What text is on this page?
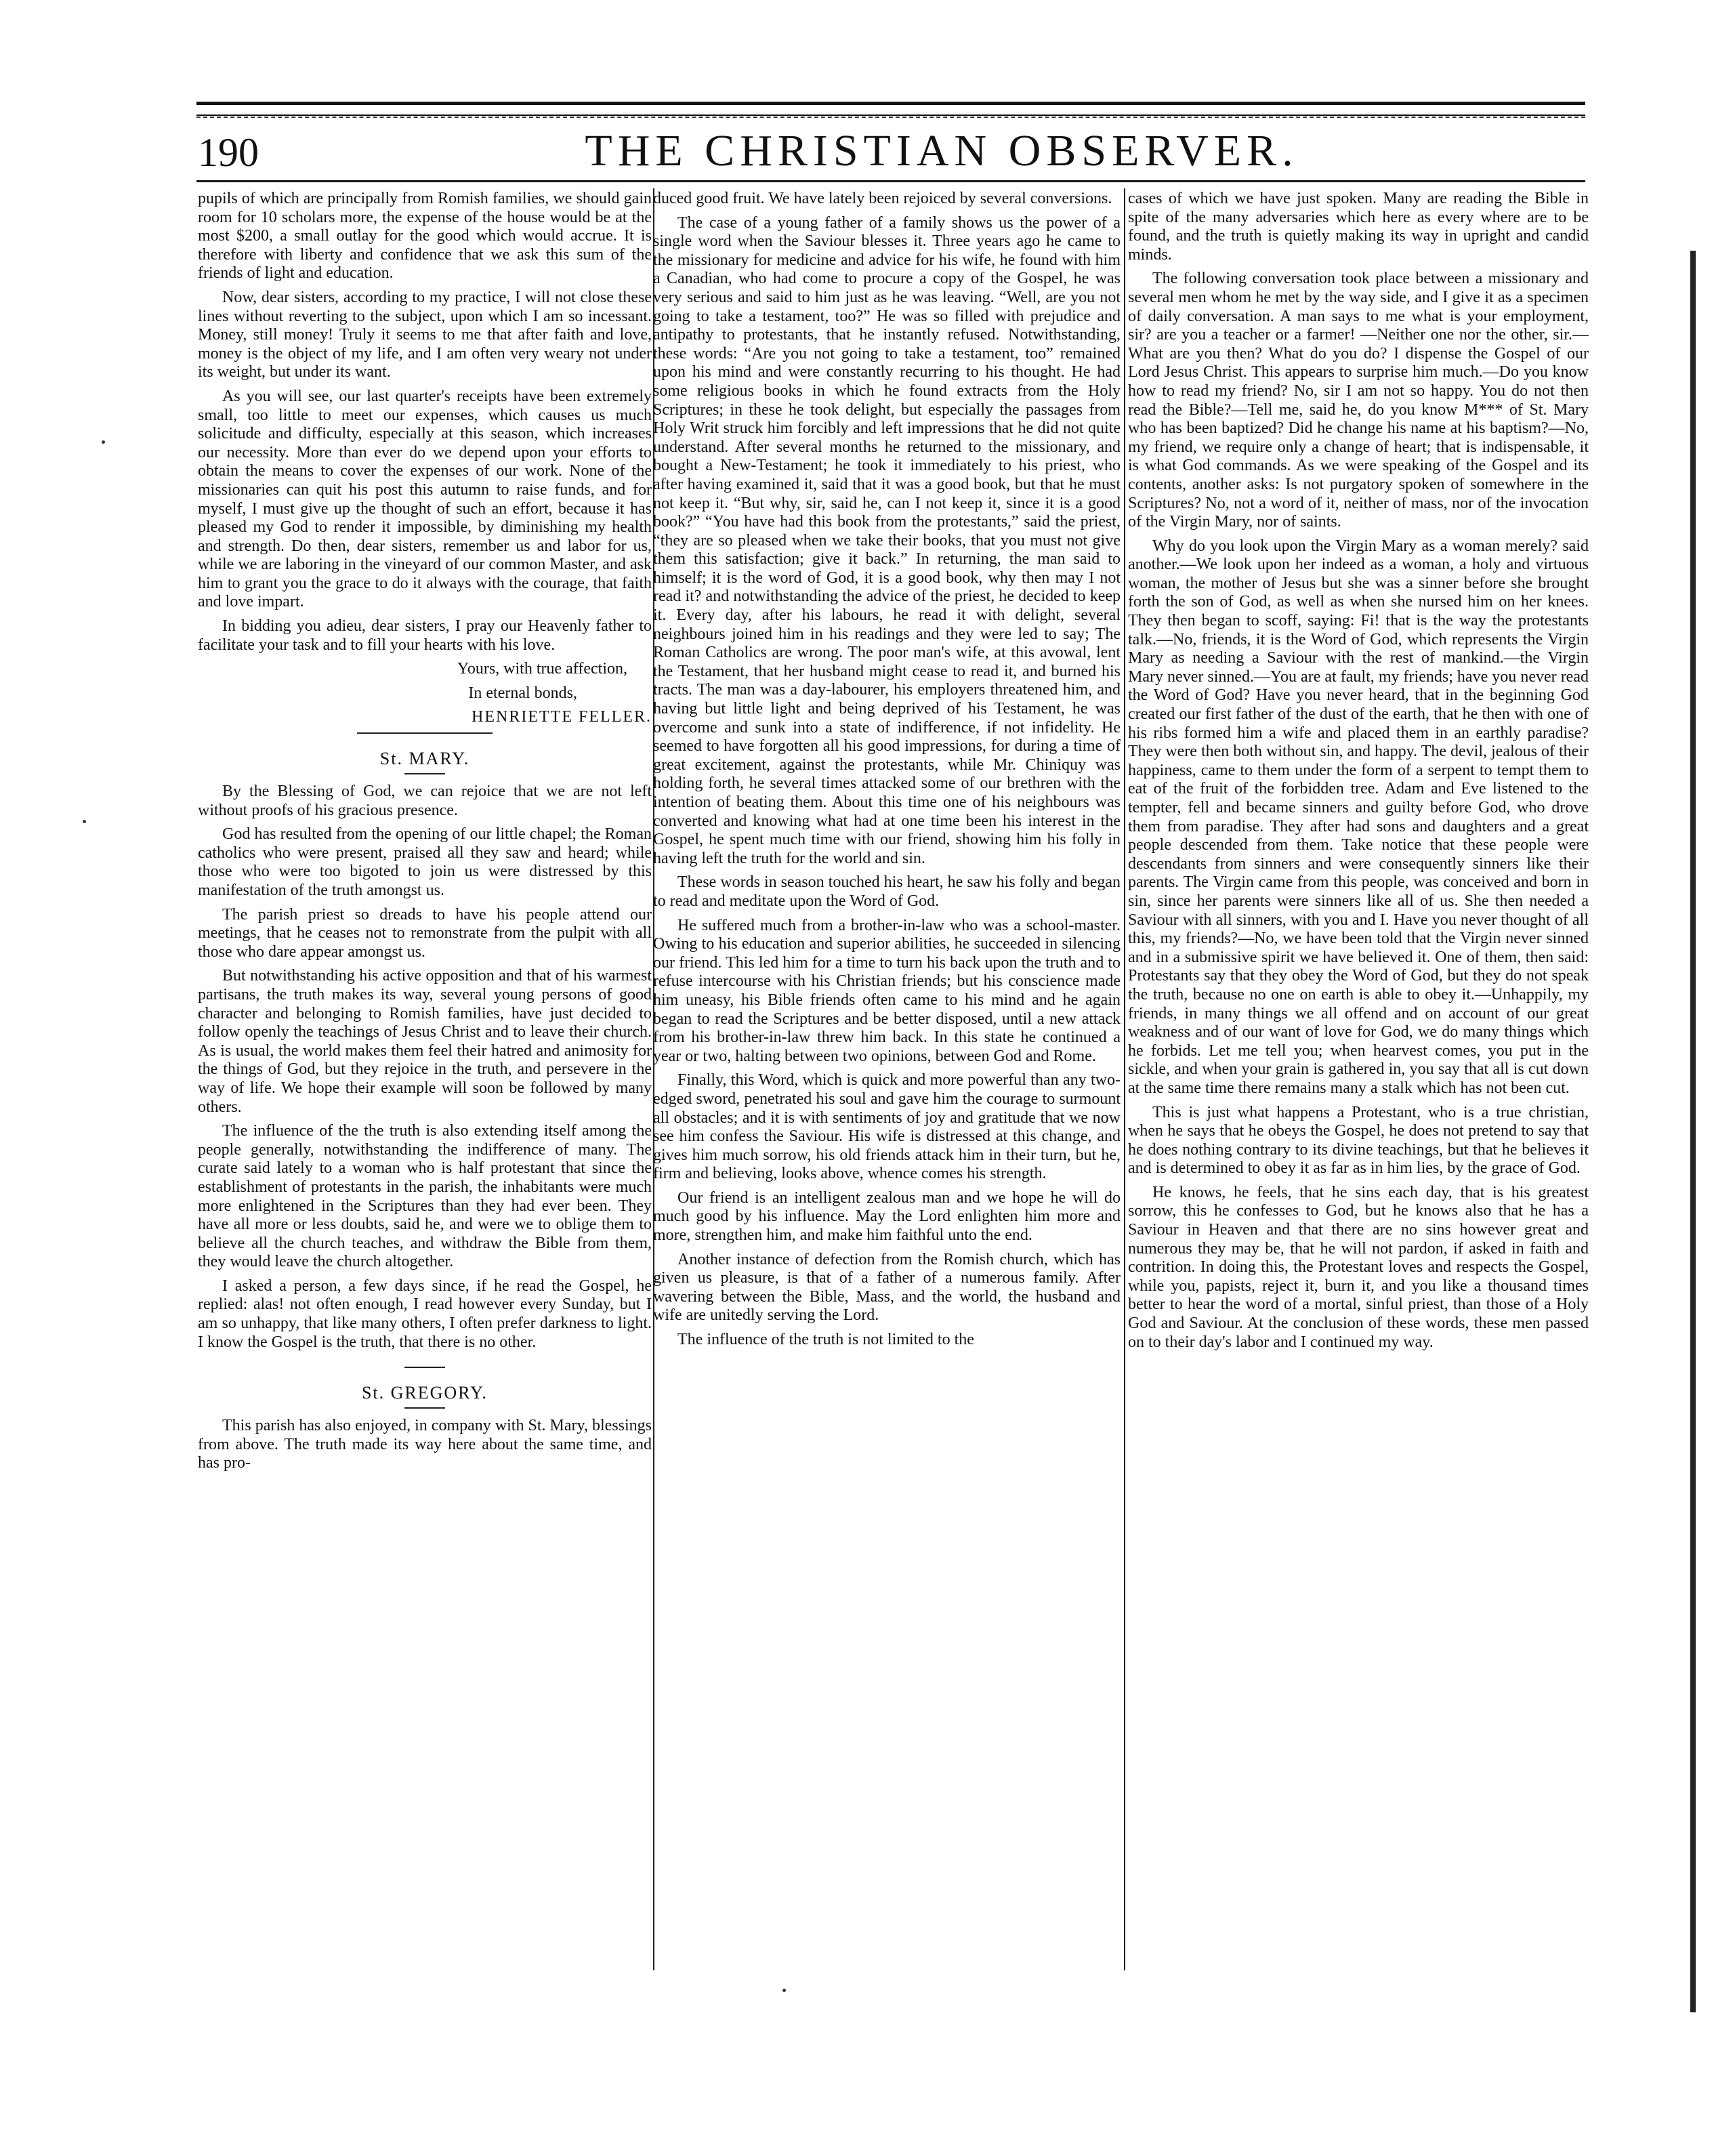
190	THE CHRISTIAN OBSERVER.

pupils of which are principally from Romish families, we should gain room for 10 scholars more, the expense of the house would be at the most $200, a small outlay for the good which would accrue. It is therefore with liberty and confidence that we ask this sum of the friends of light and education.

Now, dear sisters, according to my practice, I will not close these lines without reverting to the subject, upon which I am so incessant. Money, still money! Truly it seems to me that after faith and love, money is the object of my life, and I am often very weary not under its weight, but under its want.

As you will see, our last quarter's receipts have been extremely small, too little to meet our expenses, which causes us much solicitude and difficulty, especially at this season, which increases our necessity. More than ever do we depend upon your efforts to obtain the means to cover the expenses of our work. None of the missionaries can quit his post this autumn to raise funds, and for myself, I must give up the thought of such an effort, because it has pleased my God to render it impossible, by diminishing my health and strength. Do then, dear sisters, remember us and labor for us, while we are laboring in the vineyard of our common Master, and ask him to grant you the grace to do it always with the courage, that faith and love impart.

In bidding you adieu, dear sisters, I pray our Heavenly father to facilitate your task and to fill your hearts with his love.

Yours, with true affection,

In eternal bonds,

HENRIETTE FELLER.

St. MARY.

By the Blessing of God, we can rejoice that we are not left without proofs of his gracious presence.

God has resulted from the opening of our little chapel; the Roman catholics who were present, praised all they saw and heard; while those who were too bigoted to join us were distressed by this manifestation of the truth amongst us.

The parish priest so dreads to have his people attend our meetings, that he ceases not to remonstrate from the pulpit with all those who dare appear amongst us.

But notwithstanding his active opposition and that of his warmest partisans, the truth makes its way, several young persons of good character and belonging to Romish families, have just decided to follow openly the teachings of Jesus Christ and to leave their church. As is usual, the world makes them feel their hatred and animosity for the things of God, but they rejoice in the truth, and persevere in the way of life. We hope their example will soon be followed by many others.

The influence of the the truth is also extending itself among the people generally, notwithstanding the indifference of many. The curate said lately to a woman who is half protestant that since the establishment of protestants in the parish, the inhabitants were much more enlightened in the Scriptures than they had ever been. They have all more or less doubts, said he, and were we to oblige them to believe all the church teaches, and withdraw the Bible from them, they would leave the church altogether.

I asked a person, a few days since, if he read the Gospel, he replied: alas! not often enough, I read however every Sunday, but I am so unhappy, that like many others, I often prefer darkness to light. I know the Gospel is the truth, that there is no other.

St. GREGORY.

This parish has also enjoyed, in company with St. Mary, blessings from above. The truth made its way here about the same time, and has pro-

duced good fruit. We have lately been rejoiced by several conversions.

The case of a young father of a family shows us the power of a single word when the Saviour blesses it. Three years ago he came to the missionary for medicine and advice for his wife, he found with him a Canadian, who had come to procure a copy of the Gospel, he was very serious and said to him just as he was leaving. “Well, are you not going to take a testament, too?” He was so filled with prejudice and antipathy to protestants, that he instantly refused. Notwithstanding, these words: “Are you not going to take a testament, too” remained upon his mind and were constantly recurring to his thought. He had some religious books in which he found extracts from the Holy Scriptures; in these he took delight, but especially the passages from Holy Writ struck him forcibly and left impressions that he did not quite understand. After several months he returned to the missionary, and bought a New-Testament; he took it immediately to his priest, who after having examined it, said that it was a good book, but that he must not keep it. “But why, sir, said he, can I not keep it, since it is a good book?” “You have had this book from the protestants,” said the priest, “they are so pleased when we take their books, that you must not give them this satisfaction; give it back.” In returning, the man said to himself; it is the word of God, it is a good book, why then may I not read it? and notwithstanding the advice of the priest, he decided to keep it. Every day, after his labours, he read it with delight, several neighbours joined him in his readings and they were led to say; The Roman Catholics are wrong. The poor man's wife, at this avowal, lent the Testament, that her husband might cease to read it, and burned his tracts. The man was a day-labourer, his employers threatened him, and having but little light and being deprived of his Testament, he was overcome and sunk into a state of indifference, if not infidelity. He seemed to have forgotten all his good impressions, for during a time of great excitement, against the protestants, while Mr. Chiniquy was holding forth, he several times attacked some of our brethren with the intention of beating them. About this time one of his neighbours was converted and knowing what had at one time been his interest in the Gospel, he spent much time with our friend, showing him his folly in having left the truth for the world and sin.

These words in season touched his heart, he saw his folly and began to read and meditate upon the Word of God.

He suffered much from a brother-in-law who was a school-master. Owing to his education and superior abilities, he succeeded in silencing our friend. This led him for a time to turn his back upon the truth and to refuse intercourse with his Christian friends; but his conscience made him uneasy, his Bible friends often came to his mind and he again began to read the Scriptures and be better disposed, until a new attack from his brother-in-law threw him back. In this state he continued a year or two, halting between two opinions, between God and Rome.

Finally, this Word, which is quick and more powerful than any two-edged sword, penetrated his soul and gave him the courage to surmount all obstacles; and it is with sentiments of joy and gratitude that we now see him confess the Saviour. His wife is distressed at this change, and gives him much sorrow, his old friends attack him in their turn, but he, firm and believing, looks above, whence comes his strength.

Our friend is an intelligent zealous man and we hope he will do much good by his influence. May the Lord enlighten him more and more, strengthen him, and make him faithful unto the end.

Another instance of defection from the Romish church, which has given us pleasure, is that of a father of a numerous family. After wavering between the Bible, Mass, and the world, the husband and wife are unitedly serving the Lord.

The influence of the truth is not limited to the

cases of which we have just spoken. Many are reading the Bible in spite of the many adversaries which here as every where are to be found, and the truth is quietly making its way in upright and candid minds.

The following conversation took place between a missionary and several men whom he met by the way side, and I give it as a specimen of daily conversation. A man says to me what is your employment, sir? are you a teacher or a farmer! —Neither one nor the other, sir.—What are you then? What do you do? I dispense the Gospel of our Lord Jesus Christ. This appears to surprise him much.—Do you know how to read my friend? No, sir I am not so happy. You do not then read the Bible?—Tell me, said he, do you know M*** of St. Mary who has been baptized? Did he change his name at his baptism?—No, my friend, we require only a change of heart; that is indispensable, it is what God commands. As we were speaking of the Gospel and its contents, another asks: Is not purgatory spoken of somewhere in the Scriptures? No, not a word of it, neither of mass, nor of the invocation of the Virgin Mary, nor of saints.

Why do you look upon the Virgin Mary as a woman merely? said another.—We look upon her indeed as a woman, a holy and virtuous woman, the mother of Jesus but she was a sinner before she brought forth the son of God, as well as when she nursed him on her knees. They then began to scoff, saying: Fi! that is the way the protestants talk.—No, friends, it is the Word of God, which represents the Virgin Mary as needing a Saviour with the rest of mankind.—the Virgin Mary never sinned.—You are at fault, my friends; have you never read the Word of God? Have you never heard, that in the beginning God created our first father of the dust of the earth, that he then with one of his ribs formed him a wife and placed them in an earthly paradise? They were then both without sin, and happy. The devil, jealous of their happiness, came to them under the form of a serpent to tempt them to eat of the fruit of the forbidden tree. Adam and Eve listened to the tempter, fell and became sinners and guilty before God, who drove them from paradise. They after had sons and daughters and a great people descended from them. Take notice that these people were descendants from sinners and were consequently sinners like their parents. The Virgin came from this people, was conceived and born in sin, since her parents were sinners like all of us. She then needed a Saviour with all sinners, with you and I. Have you never thought of all this, my friends?—No, we have been told that the Virgin never sinned and in a submissive spirit we have believed it. One of them, then said: Protestants say that they obey the Word of God, but they do not speak the truth, because no one on earth is able to obey it.—Unhappily, my friends, in many things we all offend and on account of our great weakness and of our want of love for God, we do many things which he forbids. Let me tell you; when hearvest comes, you put in the sickle, and when your grain is gathered in, you say that all is cut down at the same time there remains many a stalk which has not been cut.

This is just what happens a Protestant, who is a true christian, when he says that he obeys the Gospel, he does not pretend to say that he does nothing contrary to its divine teachings, but that he believes it and is determined to obey it as far as in him lies, by the grace of God.

He knows, he feels, that he sins each day, that is his greatest sorrow, this he confesses to God, but he knows also that he has a Saviour in Heaven and that there are no sins however great and numerous they may be, that he will not pardon, if asked in faith and contrition. In doing this, the Protestant loves and respects the Gospel, while you, papists, reject it, burn it, and you like a thousand times better to hear the word of a mortal, sinful priest, than those of a Holy God and Saviour. At the conclusion of these words, these men passed on to their day's labor and I continued my way.
